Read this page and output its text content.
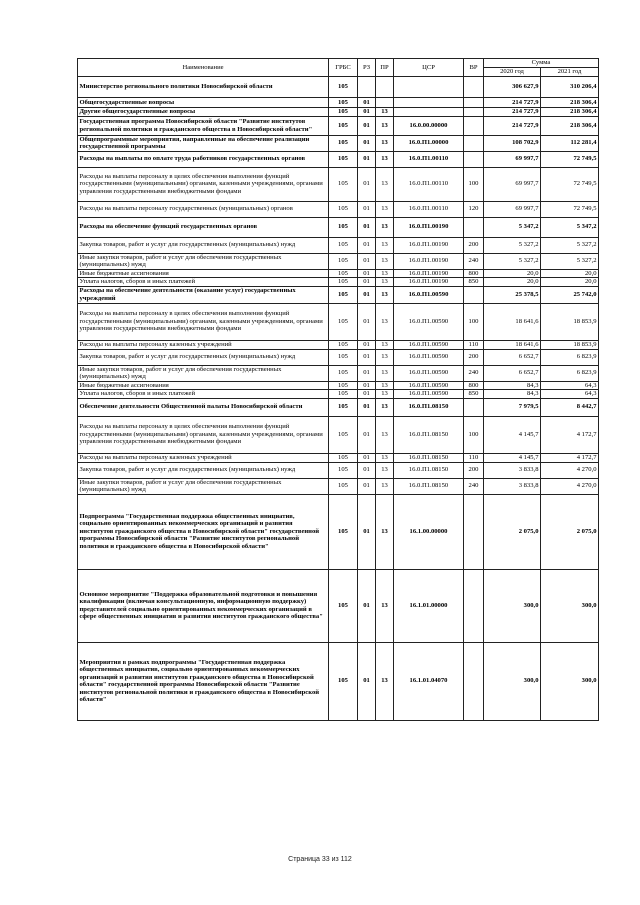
Наименование	ГРБС	РЗ	ПР	ЦСР	ВР	Сумма	
						2020 год	2021 год
Министерство регионального политики Новосибирской области	105					306 627,9	310 206,4
Общегосударственные вопросы	105	01				214 727,9	218 306,4
Другие общегосударственные вопросы	105	01	13			214 727,9	218 306,4
Государственная программа Новосибирской области "Развитие институтов региональной политики и гражданского общества в Новосибирской области"	105	01	13	16.0.00.00000		214 727,9	218 306,4
Общепрограммные мероприятия, направленные на обеспечение реализации государственной программы	105	01	13	16.0.П1.00000		108 702,9	112 281,4
Расходы на выплаты по оплате труда работников государственных органов	105	01	13	16.0.П1.00110		69 997,7	72 749,5
Расходы на выплаты персоналу в целях обеспечения выполнения функций государственными (муниципальными) органами, казенными учреждениями, органами управления государственными внебюджетными фондами	105	01	13	16.0.П1.00110	100	69 997,7	72 749,5
Расходы на выплаты персоналу государственных (муниципальных) органов	105	01	13	16.0.П1.00110	120	69 997,7	72 749,5
Расходы на обеспечение функций государственных органов	105	01	13	16.0.П1.00190		5 347,2	5 347,2
Закупка товаров, работ и услуг для государственных (муниципальных) нужд	105	01	13	16.0.П1.00190	200	5 327,2	5 327,2
Иные закупки товаров, работ и услуг для обеспечения государственных (муниципальных) нужд	105	01	13	16.0.П1.00190	240	5 327,2	5 327,2
Иные бюджетные ассигнования	105	01	13	16.0.П1.00190	800	20,0	20,0
Уплата налогов, сборов и иных платежей	105	01	13	16.0.П1.00190	850	20,0	20,0
Расходы на обеспечение деятельности (оказание услуг) государственных учреждений	105	01	13	16.0.П1.00590		25 378,5	25 742,0
Расходы на выплаты персоналу в целях обеспечения выполнения функций государственными (муниципальными) органами, казенными учреждениями, органами управления государственными внебюджетными фондами	105	01	13	16.0.П1.00590	100	18 641,6	18 853,9
Расходы на выплаты персоналу казенных учреждений	105	01	13	16.0.П1.00590	110	18 641,6	18 853,9
Закупка товаров, работ и услуг для государственных (муниципальных) нужд	105	01	13	16.0.П1.00590	200	6 652,7	6 823,9
Иные закупки товаров, работ и услуг для обеспечения государственных (муниципальных) нужд	105	01	13	16.0.П1.00590	240	6 652,7	6 823,9
Иные бюджетные ассигнования	105	01	13	16.0.П1.00590	800	84,3	64,3
Уплата налогов, сборов и иных платежей	105	01	13	16.0.П1.00590	850	84,3	64,3
Обеспечение деятельности Общественной палаты Новосибирской области	105	01	13	16.0.П1.08150		7 979,5	8 442,7
Расходы на выплаты персоналу в целях обеспечения выполнения функций государственными (муниципальными) органами, казенными учреждениями, органами управления государственными внебюджетными фондами	105	01	13	16.0.П1.08150	100	4 145,7	4 172,7
Расходы на выплаты персоналу казенных учреждений	105	01	13	16.0.П1.08150	110	4 145,7	4 172,7
Закупка товаров, работ и услуг для государственных (муниципальных) нужд	105	01	13	16.0.П1.08150	200	3 833,8	4 270,0
Иные закупки товаров, работ и услуг для обеспечения государственных (муниципальных) нужд	105	01	13	16.0.П1.08150	240	3 833,8	4 270,0
Подпрограмма "Государственная поддержка общественных инициатив, социально ориентированных некоммерческих организаций и развития институтов гражданского общества в Новосибирской области" государственной программы Новосибирской области "Развитие институтов региональной политики и гражданского общества в Новосибирской области"	105	01	13	16.1.00.00000		2 075,0	2 075,0
Основное мероприятие "Поддержка образовательной подготовки и повышения квалификации (включая консультационную, информационную поддержку) представителей социально ориентированных некоммерческих организаций в сфере общественных инициатив и развития институтов гражданского общества"	105	01	13	16.1.01.00000		300,0	300,0
Мероприятия в рамках подпрограммы "Государственная поддержка общественных инициатив, социально ориентированных некоммерческих организаций и развития институтов гражданского общества в Новосибирской области" государственной программы Новосибирской области "Развитие институтов региональной политики и гражданского общества в Новосибирской области"	105	01	13	16.1.01.04070		300,0	300,0
Страница 33 из 112
